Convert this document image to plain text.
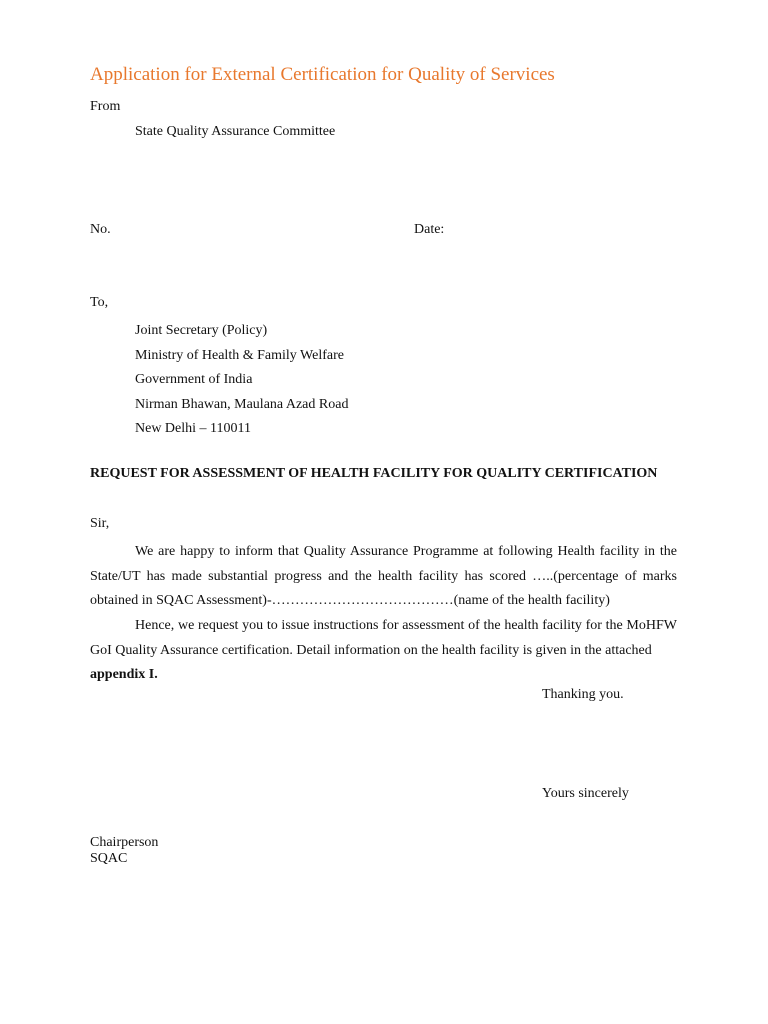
Application for External Certification for Quality of Services
From
State Quality Assurance Committee
No.	Date:
To,
Joint Secretary (Policy)
Ministry of Health & Family Welfare
Government of India
Nirman Bhawan, Maulana Azad Road
New Delhi – 110011
REQUEST FOR ASSESSMENT OF HEALTH FACILITY FOR QUALITY CERTIFICATION
Sir,
We are happy to inform that Quality Assurance Programme at following Health facility in the
State/UT has made substantial progress and the health facility has scored …..(percentage of marks
obtained in SQAC Assessment)-…………………………………(name of the health facility)
Hence, we request you to issue instructions for assessment of the health facility for the MoHFW
GoI Quality Assurance certification. Detail information on the health facility is given in the attached
appendix I.
Thanking you.
Yours sincerely
Chairperson
SQAC
